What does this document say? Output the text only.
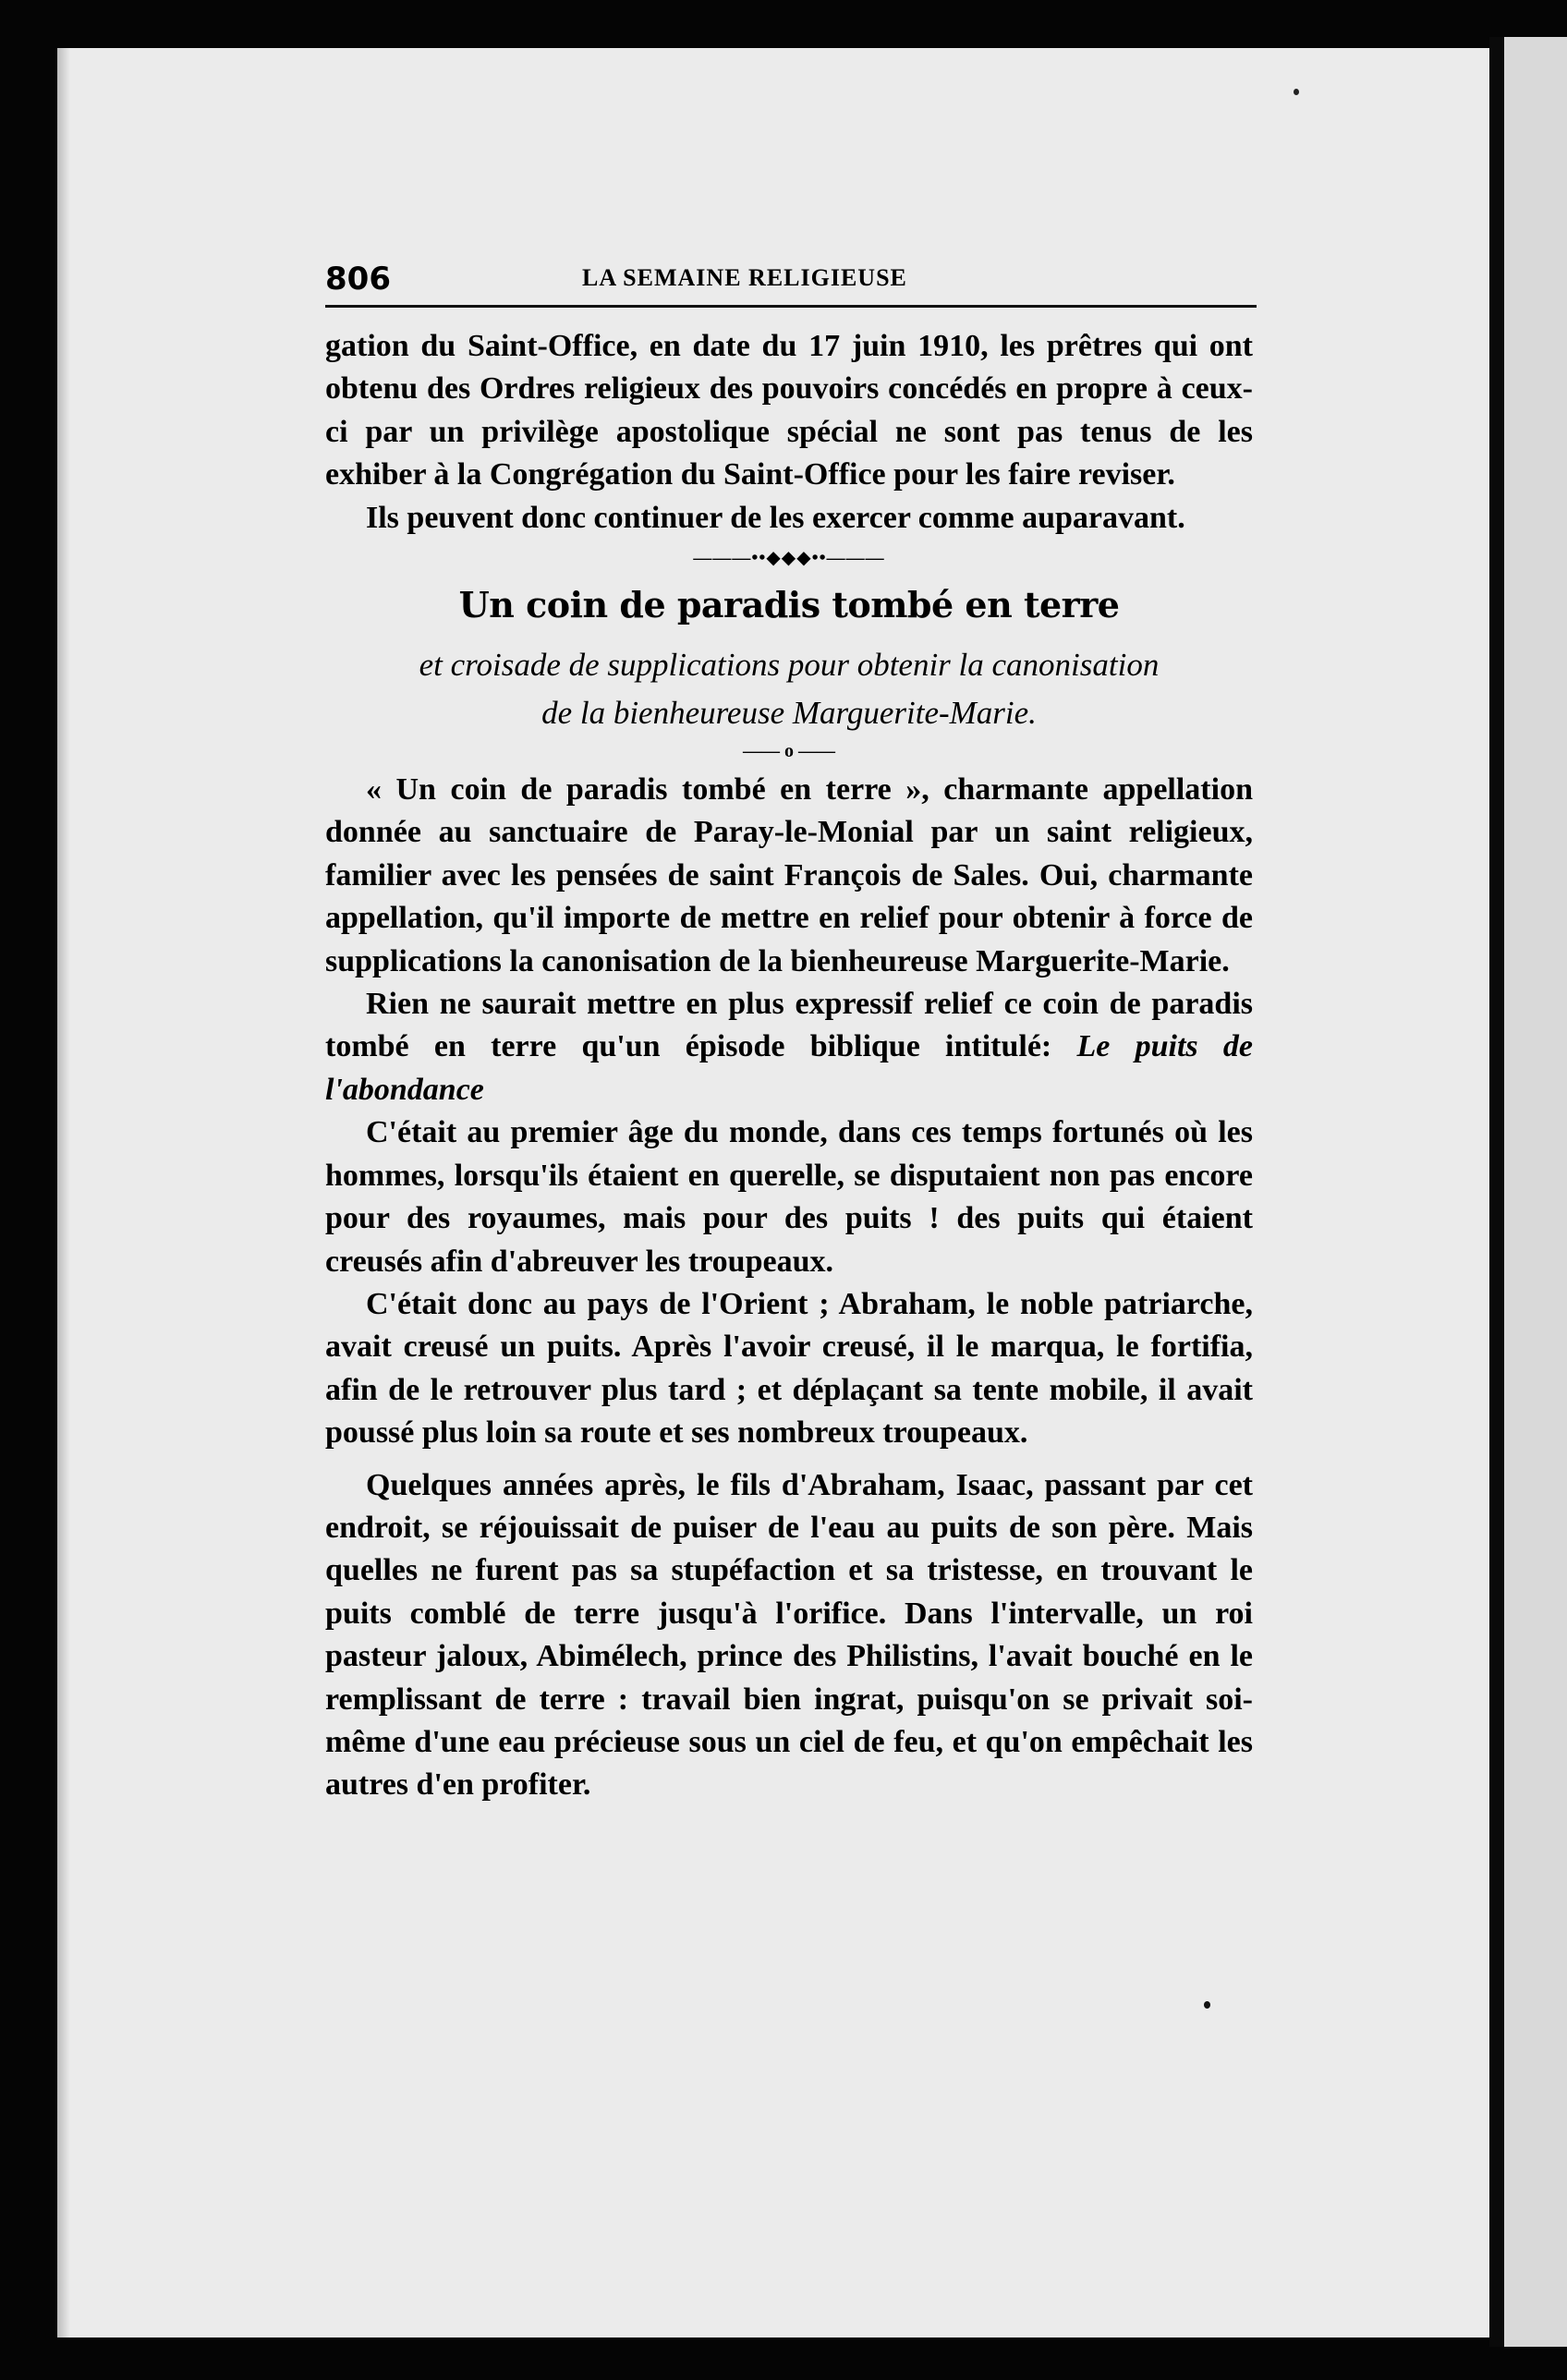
806	LA SEMAINE RELIGIEUSE

gation du Saint-Office, en date du 17 juin 1910, les prêtres qui ont obtenu des Ordres religieux des pouvoirs concédés en propre à ceux-ci par un privilège apostolique spécial ne sont pas tenus de les exhiber à la Congrégation du Saint-Office pour les faire reviser.

Ils peuvent donc continuer de les exercer comme auparavant.

———••◆◆◆••———
Un coin de paradis tombé en terre
et croisade de supplications pour obtenir la canonisation
de la bienheureuse Marguerite-Marie.
—— o ——

« Un coin de paradis tombé en terre », charmante appellation donnée au sanctuaire de Paray-le-Monial par un saint religieux, familier avec les pensées de saint François de Sales. Oui, charmante appellation, qu'il importe de mettre en relief pour obtenir à force de supplications la canonisation de la bienheureuse Marguerite-Marie.

Rien ne saurait mettre en plus expressif relief ce coin de paradis tombé en terre qu'un épisode biblique intitulé: Le puits de l'abondance

C'était au premier âge du monde, dans ces temps fortunés où les hommes, lorsqu'ils étaient en querelle, se disputaient non pas encore pour des royaumes, mais pour des puits ! des puits qui étaient creusés afin d'abreuver les troupeaux.

C'était donc au pays de l'Orient ; Abraham, le noble patriarche, avait creusé un puits. Après l'avoir creusé, il le marqua, le fortifia, afin de le retrouver plus tard ; et déplaçant sa tente mobile, il avait poussé plus loin sa route et ses nombreux troupeaux.

Quelques années après, le fils d'Abraham, Isaac, passant par cet endroit, se réjouissait de puiser de l'eau au puits de son père. Mais quelles ne furent pas sa stupéfaction et sa tristesse, en trouvant le puits comblé de terre jusqu'à l'orifice. Dans l'intervalle, un roi pasteur jaloux, Abimélech, prince des Philistins, l'avait bouché en le remplissant de terre : travail bien ingrat, puisqu'on se privait soi-même d'une eau précieuse sous un ciel de feu, et qu'on empêchait les autres d'en profiter.
